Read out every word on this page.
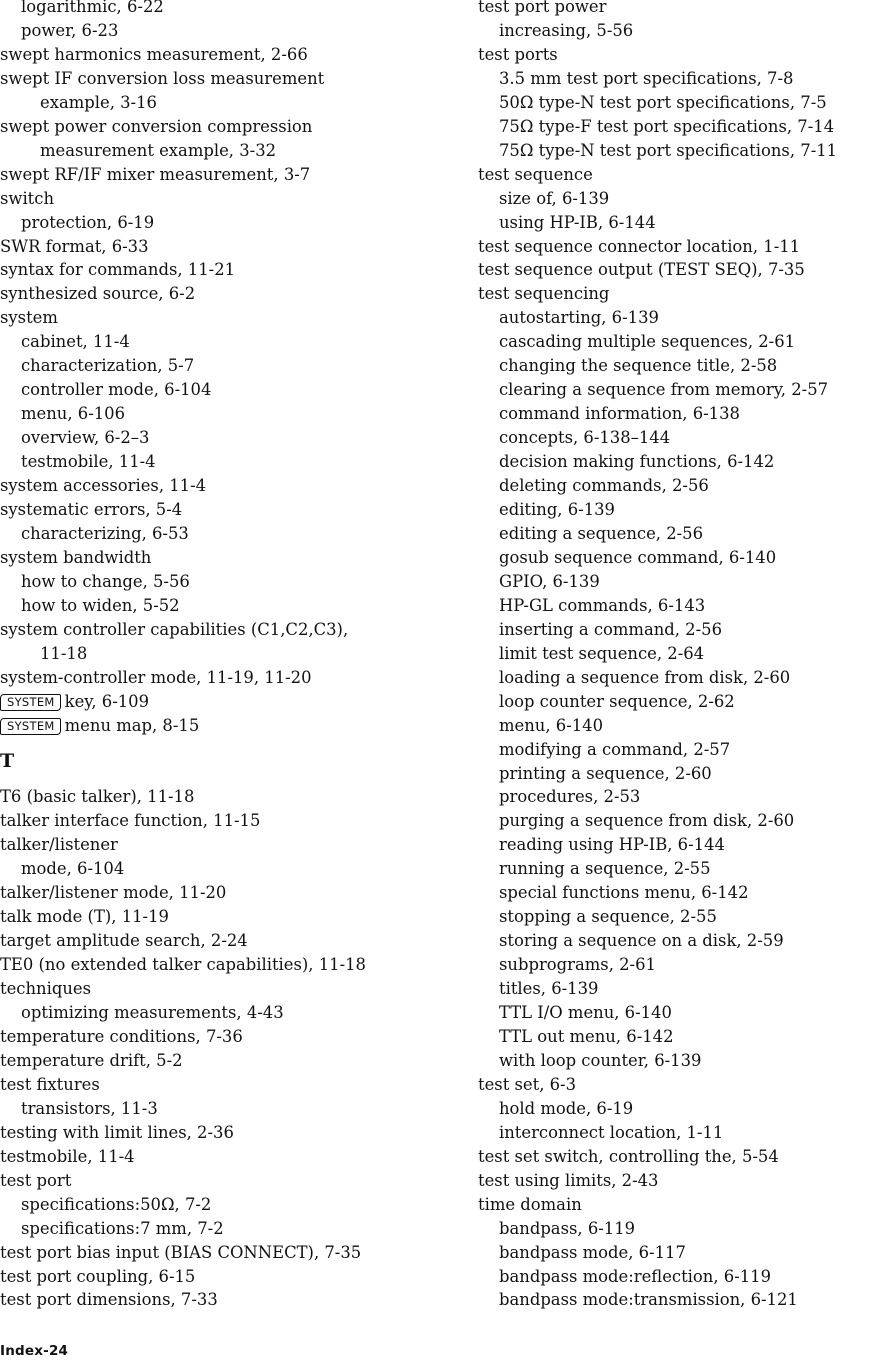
logarithmic, 6-22
power, 6-23
swept harmonics measurement, 2-66
swept IF conversion loss measurement
example, 3-16
swept power conversion compression
measurement example, 3-32
swept RF/IF mixer measurement, 3-7
switch
protection, 6-19
SWR format, 6-33
syntax for commands, 11-21
synthesized source, 6-2
system
cabinet, 11-4
characterization, 5-7
controller mode, 6-104
menu, 6-106
overview, 6-2–3
testmobile, 11-4
system accessories, 11-4
systematic errors, 5-4
characterizing, 6-53
system bandwidth
how to change, 5-56
how to widen, 5-52
system controller capabilities (C1,C2,C3),
11-18
system-controller mode, 11-19, 11-20
SYSTEM key, 6-109
SYSTEM menu map, 8-15
T
T6 (basic talker), 11-18
talker interface function, 11-15
talker/listener
mode, 6-104
talker/listener mode, 11-20
talk mode (T), 11-19
target amplitude search, 2-24
TE0 (no extended talker capabilities), 11-18
techniques
optimizing measurements, 4-43
temperature conditions, 7-36
temperature drift, 5-2
test fixtures
transistors, 11-3
testing with limit lines, 2-36
testmobile, 11-4
test port
specifications:50Ω, 7-2
specifications:7 mm, 7-2
test port bias input (BIAS CONNECT), 7-35
test port coupling, 6-15
test port dimensions, 7-33
test port power
increasing, 5-56
test ports
3.5 mm test port specifications, 7-8
50Ω type-N test port specifications, 7-5
75Ω type-F test port specifications, 7-14
75Ω type-N test port specifications, 7-11
test sequence
size of, 6-139
using HP-IB, 6-144
test sequence connector location, 1-11
test sequence output (TEST SEQ), 7-35
test sequencing
autostarting, 6-139
cascading multiple sequences, 2-61
changing the sequence title, 2-58
clearing a sequence from memory, 2-57
command information, 6-138
concepts, 6-138–144
decision making functions, 6-142
deleting commands, 2-56
editing, 6-139
editing a sequence, 2-56
gosub sequence command, 6-140
GPIO, 6-139
HP-GL commands, 6-143
inserting a command, 2-56
limit test sequence, 2-64
loading a sequence from disk, 2-60
loop counter sequence, 2-62
menu, 6-140
modifying a command, 2-57
printing a sequence, 2-60
procedures, 2-53
purging a sequence from disk, 2-60
reading using HP-IB, 6-144
running a sequence, 2-55
special functions menu, 6-142
stopping a sequence, 2-55
storing a sequence on a disk, 2-59
subprograms, 2-61
titles, 6-139
TTL I/O menu, 6-140
TTL out menu, 6-142
with loop counter, 6-139
test set, 6-3
hold mode, 6-19
interconnect location, 1-11
test set switch, controlling the, 5-54
test using limits, 2-43
time domain
bandpass, 6-119
bandpass mode, 6-117
bandpass mode:reflection, 6-119
bandpass mode:transmission, 6-121
Index-24
